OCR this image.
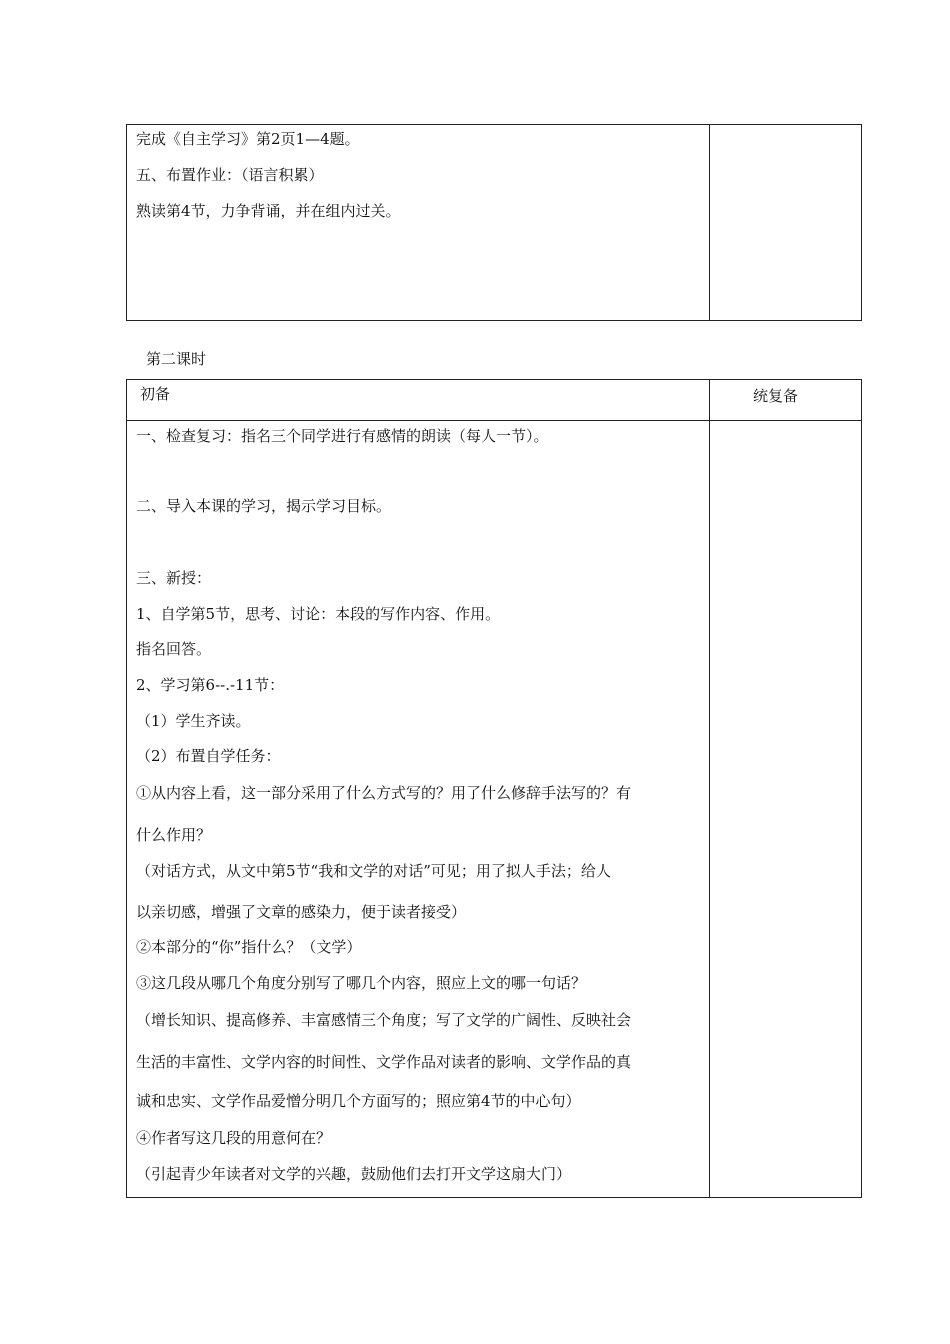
完成《自主学习》第2页1—4题。
五、布置作业：（语言积累）
熟读第4节，力争背诵，并在组内过关。
第二课时
初备	统复备
一、检查复习：指名三个同学进行有感情的朗读（每人一节）。
二、导入本课的学习，揭示学习目标。
三、新授：
1、自学第5节，思考、讨论：本段的写作内容、作用。
指名回答。
2、学习第6--.-11节：
（1）学生齐读。
（2）布置自学任务：
①从内容上看，这一部分采用了什么方式写的？用了什么修辞手法写的？有
什么作用？
（对话方式，从文中第5节“我和文学的对话”可见；用了拟人手法；给人
以亲切感，增强了文章的感染力，便于读者接受）
②本部分的“你”指什么？（文学）
③这几段从哪几个角度分别写了哪几个内容，照应上文的哪一句话？
（增长知识、提高修养、丰富感情三个角度；写了文学的广阔性、反映社会
生活的丰富性、文学内容的时间性、文学作品对读者的影响、文学作品的真
诚和忠实、文学作品爱憎分明几个方面写的；照应第4节的中心句）
④作者写这几段的用意何在？
（引起青少年读者对文学的兴趣，鼓励他们去打开文学这扇大门）
